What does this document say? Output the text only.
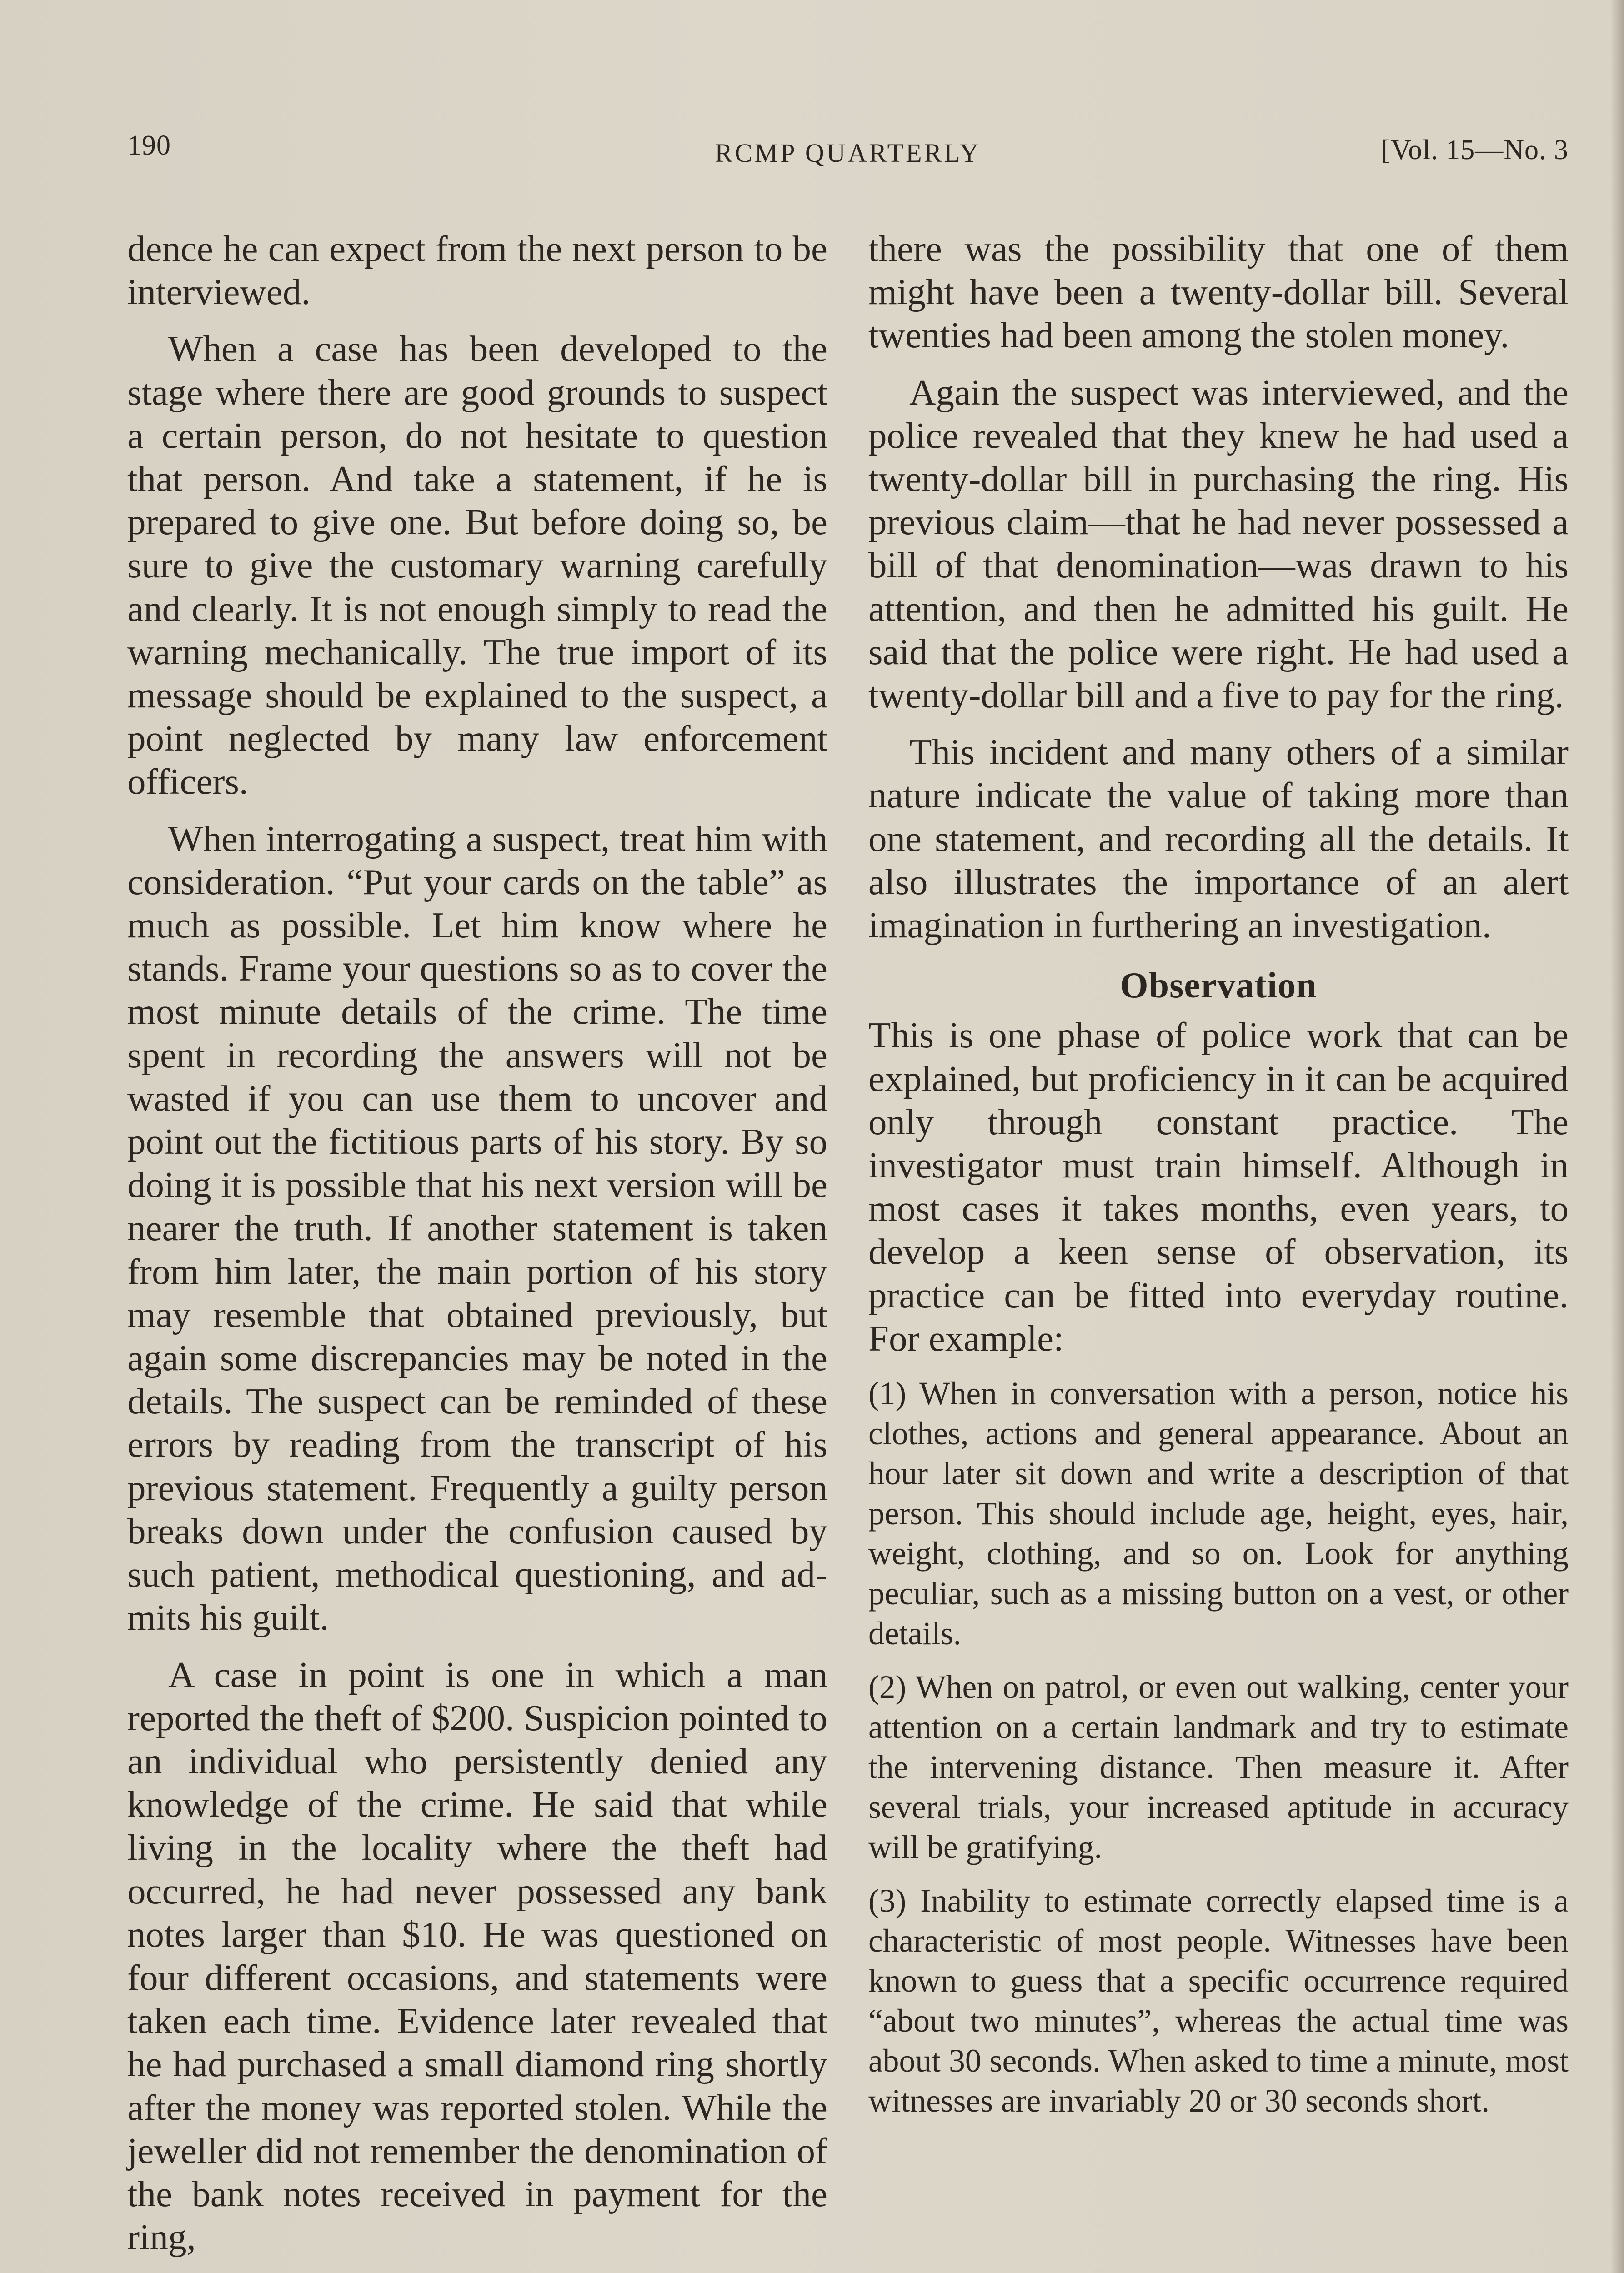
190	RCMP QUARTERLY	[Vol. 15—No. 3

dence he can expect from the next person to be interviewed.

When a case has been developed to the stage where there are good grounds to suspect a certain person, do not hesitate to question that person. And take a statement, if he is prepared to give one. But before doing so, be sure to give the customary warning carefully and clearly. It is not enough simply to read the warning mechanically. The true import of its message should be explained to the suspect, a point neglected by many law enforcement officers.

When interrogating a suspect, treat him with consideration. “Put your cards on the table” as much as possible. Let him know where he stands. Frame your questions so as to cover the most minute details of the crime. The time spent in recording the answers will not be wasted if you can use them to uncover and point out the fictitious parts of his story. By so doing it is possible that his next version will be nearer the truth. If another statement is taken from him later, the main portion of his story may resemble that obtained previously, but again some discrepancies may be noted in the details. The suspect can be reminded of these errors by reading from the transcript of his previous statement. Frequently a guilty person breaks down under the confusion caused by such patient, methodical questioning, and admits his guilt.

A case in point is one in which a man reported the theft of $200. Suspicion pointed to an individual who persistently denied any knowledge of the crime. He said that while living in the locality where the theft had occurred, he had never possessed any bank notes larger than $10. He was questioned on four different occasions, and statements were taken each time. Evidence later revealed that he had purchased a small diamond ring shortly after the money was reported stolen. While the jeweller did not remember the denomination of the bank notes received in payment for the ring,

there was the possibility that one of them might have been a twenty-dollar bill. Several twenties had been among the stolen money.

Again the suspect was interviewed, and the police revealed that they knew he had used a twenty-dollar bill in purchasing the ring. His previous claim—that he had never possessed a bill of that denomination—was drawn to his attention, and then he admitted his guilt. He said that the police were right. He had used a twenty-dollar bill and a five to pay for the ring.

This incident and many others of a similar nature indicate the value of taking more than one statement, and recording all the details. It also illustrates the importance of an alert imagination in furthering an investigation.

Observation

This is one phase of police work that can be explained, but proficiency in it can be acquired only through constant practice. The investigator must train himself. Although in most cases it takes months, even years, to develop a keen sense of observation, its practice can be fitted into everyday routine. For example:

(1) When in conversation with a person, notice his clothes, actions and general appearance. About an hour later sit down and write a description of that person. This should include age, height, eyes, hair, weight, clothing, and so on. Look for anything peculiar, such as a missing button on a vest, or other details.

(2) When on patrol, or even out walking, center your attention on a certain landmark and try to estimate the intervening distance. Then measure it. After several trials, your increased aptitude in accuracy will be gratifying.

(3) Inability to estimate correctly elapsed time is a characteristic of most people. Witnesses have been known to guess that a specific occurrence required “about two minutes”, whereas the actual time was about 30 seconds. When asked to time a minute, most witnesses are invariably 20 or 30 seconds short.
